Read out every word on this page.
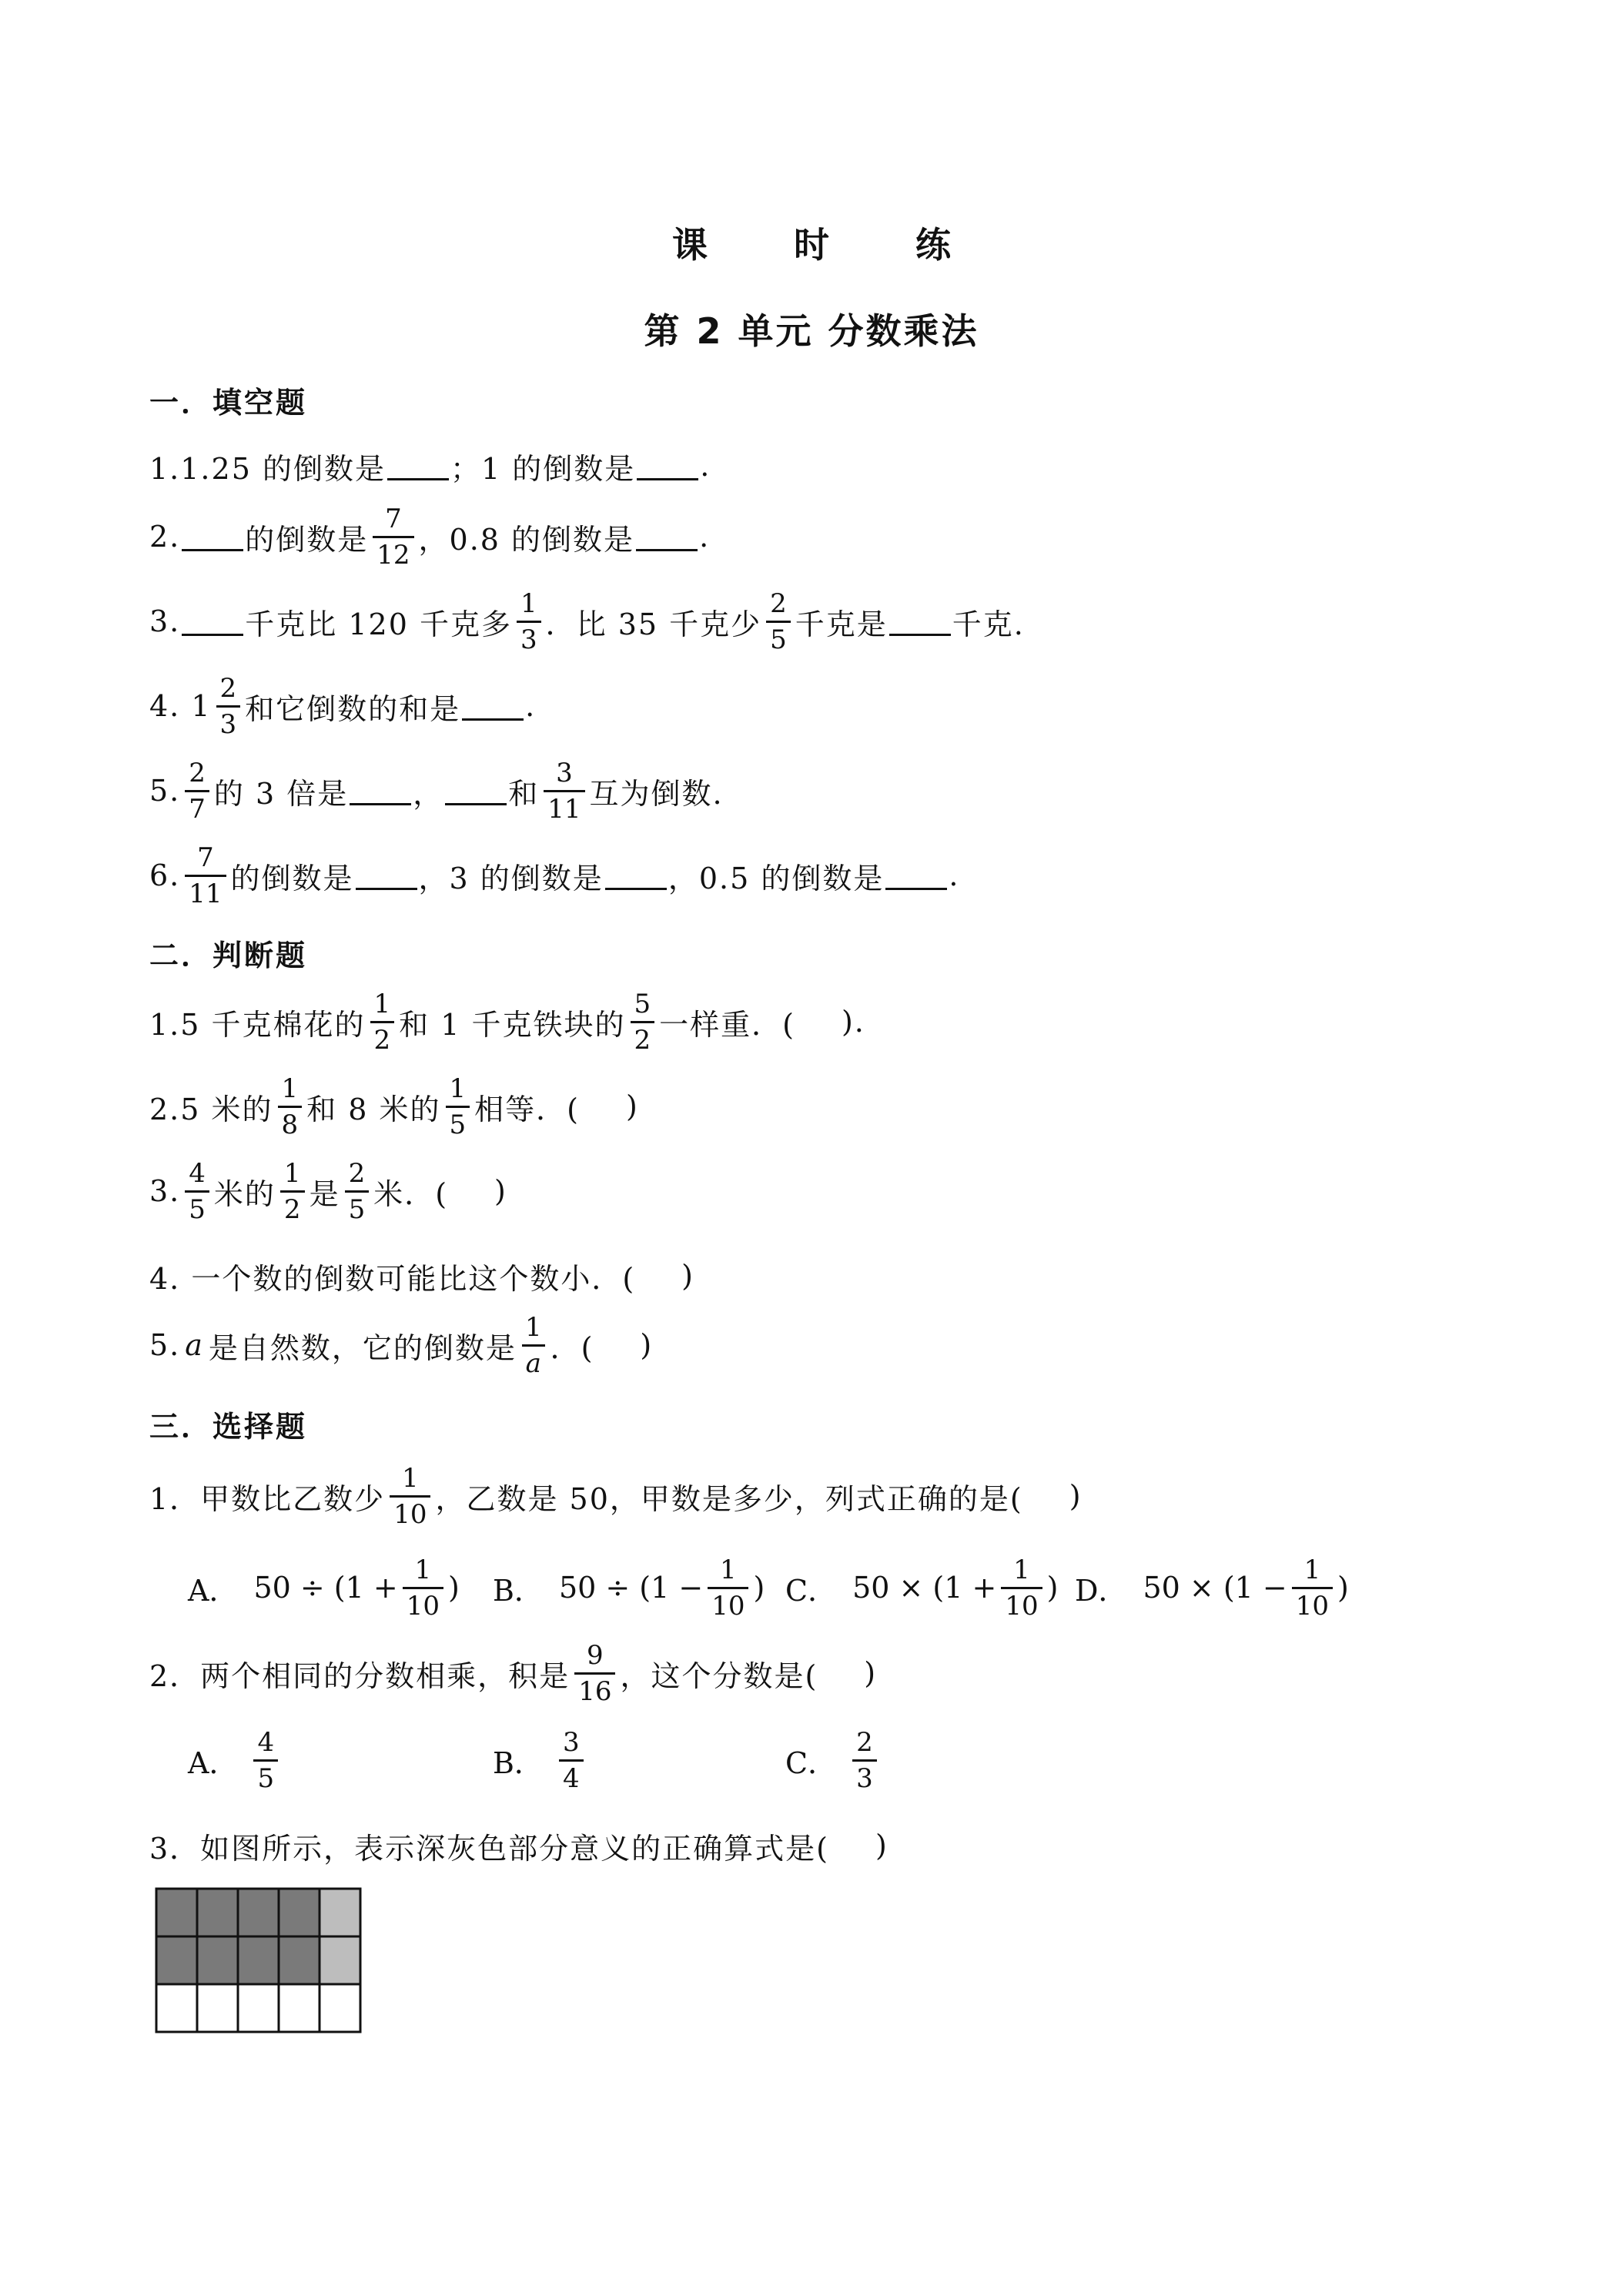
课 时 练
第 2 单元 分数乘法
一．填空题
1.1.25 的倒数是 ；1 的倒数是 .
2. 的倒数是 $\frac{7}{12}$ ，0.8 的倒数是 .
3. 千克比 120 千克多 $\frac{1}{3}$ ．比 35 千克少 $\frac{2}{5}$ 千克是 千克.
4. $1 \frac{2}{3}$ 和它倒数的和是 .
5. $\frac{2}{7}$ 的 3 倍是 ， 和 $\frac{3}{11}$ 互为倒数.
6. $\frac{7}{11}$ 的倒数是 ，3 的倒数是 ，0.5 的倒数是 .
二．判断题
1.5 千克棉花的 $\frac{1}{2}$ 和 1 千克铁块的 $\frac{5}{2}$ 一样重．( ).
2.5 米的 $\frac{1}{8}$ 和 8 米的 $\frac{1}{5}$ 相等．( )
3. $\frac{4}{5}$ 米的 $\frac{1}{2}$ 是 $\frac{2}{5}$ 米．( )
4. 一个数的倒数可能比这个数小．( )
5. a 是自然数，它的倒数是 $\frac{1}{a}$ ．( )
三．选择题
1．甲数比乙数少 $\frac{1}{10}$ ，乙数是 50，甲数是多少，列式正确的是( )
A． $50 \div (1 + \frac{1}{10}$ ) B． $50 \div (1 - \frac{1}{10}$ ) C． $50 \times (1 + \frac{1}{10}$ ) D． $50 \times (1 - \frac{1}{10}$ )
2．两个相同的分数相乘，积是 $\frac{9}{16}$ ，这个分数是( )
A． $\frac{4}{5}$	B． $\frac{3}{4}$	C． $\frac{2}{3}$
3．如图所示，表示深灰色部分意义的正确算式是( )
